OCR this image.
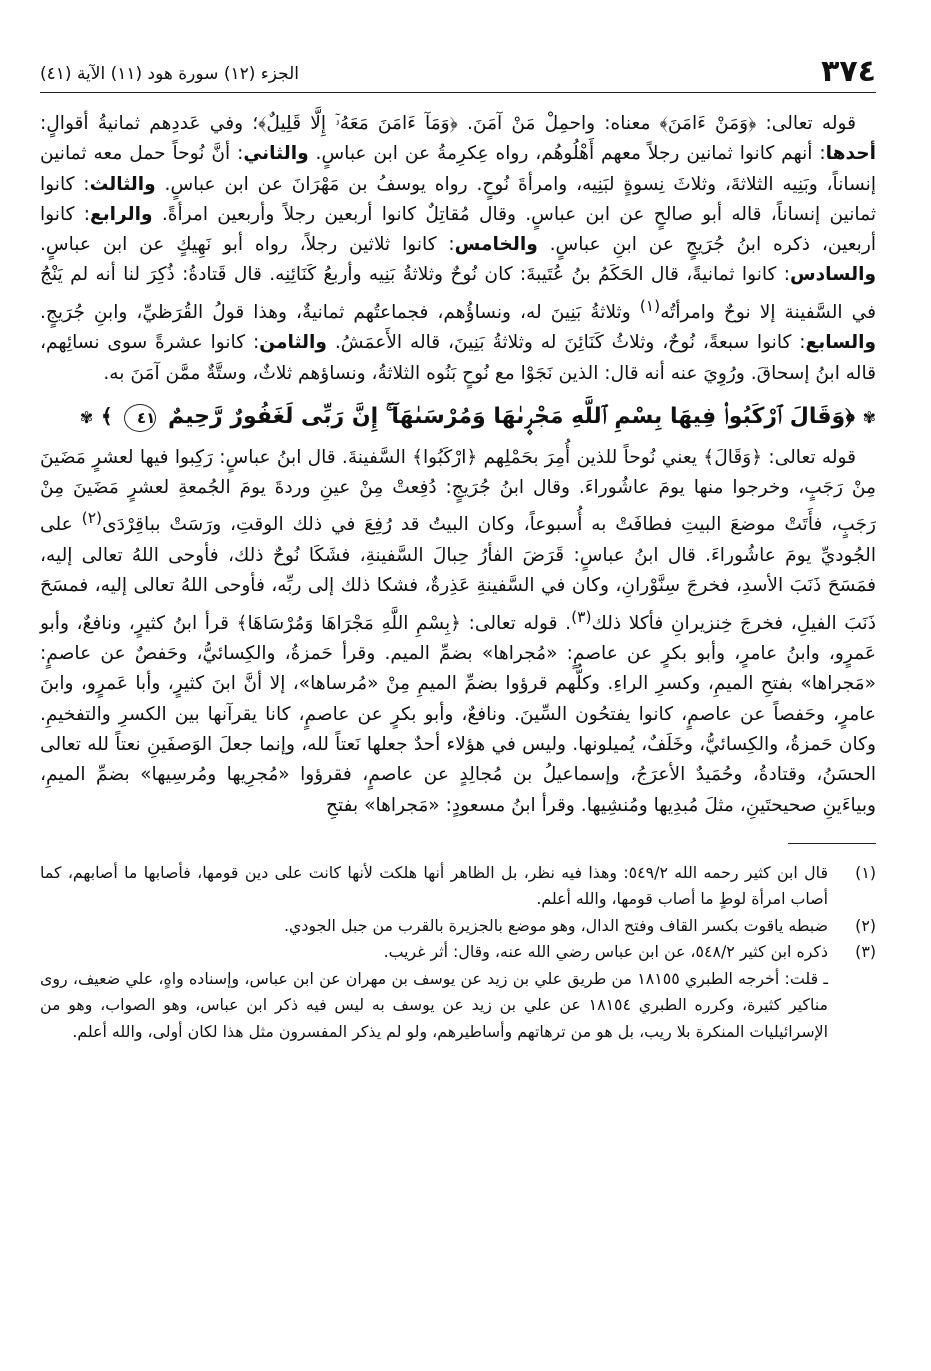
٣٧٤
الجزء (١٢) سورة هود (١١) الآية (٤١)

قوله تعالى: ﴿وَمَنْ ءَامَنَ﴾ معناه: واحمِلْ مَنْ آمَنَ. ﴿وَمَآ ءَامَنَ مَعَهُۥٓ إِلَّا قَلِيلٌ﴾؛ وفي عَددِهم ثمانيةُ أقوالٍ: أحدها: أنهم كانوا ثمانين رجلاً معهم أَهْلُوهُم، رواه عِكرِمةُ عن ابن عباسٍ. والثاني: أنَّ نُوحاً حمل معه ثمانين إنساناً، وبَنِيه الثلاثةَ، وثلاثَ نِسوةٍ لبَنِيه، وامرأةَ نُوحٍ. رواه يوسفُ بن مَهْرَانَ عن ابن عباسٍ. والثالث: كانوا ثمانين إنساناً، قاله أبو صالحٍ عن ابن عباسٍ. وقال مُقاتِلٌ كانوا أربعين رجلاً وأربعين امرأةً. والرابع: كانوا أربعين، ذكره ابنُ جُرَيجٍ عن ابنِ عباسٍ. والخامس: كانوا ثلاثين رجلاً، رواه أبو نَهِيكٍ عن ابن عباسٍ. والسادس: كانوا ثمانيةً، قال الحَكَمُ بنُ عُتَيبةَ: كان نُوحٌ وثلاثةُ بَنِيه وأربعُ كَنَائِنِه. قال قَتادةُ: ذُكِرَ لنا أنه لم يَنْجُ في السَّفينة إلا نوحٌ وامرأتُه$^{(١)}$ وثلاثةُ بَنِينَ له، ونساؤُهم، فجماعتُهم ثمانيةٌ، وهذا قولُ القُرَظيِّ، وابنِ جُرَيجٍ. والسابع: كانوا سبعةً، نُوحٌ، وثلاثُ كَنَائِنَ له وثلاثةُ بَنِينَ، قاله الأَعمَشُ. والثامن: كانوا عشرةً سوى نسائِهم، قاله ابنُ إسحاقَ. ورُوِيَ عنه أنه قال: الذين نَجَوْا مع نُوحٍ بَنُوه الثلاثةُ، ونساؤهم ثلاثٌ، وستَّةٌ ممَّن آمَنَ به.

✾ ﴿وَقَالَ ٱرْكَبُوا۟ فِيهَا بِسْمِ ٱللَّهِ مَجْر۪ىٰهَا وَمُرْسَىٰهَآ ۚ إِنَّ رَبِّى لَغَفُورٌ رَّحِيمٌ ٤١ ﴾ ✾

قوله تعالى: ﴿وَقَالَ﴾ يعني نُوحاً للذين أُمِرَ بحَمْلِهم ﴿ارْكَبُوا﴾ السَّفينةَ. قال ابنُ عباسٍ: رَكِبوا فيها لعشرٍ مَضَينَ مِنْ رَجَبٍ، وخرجوا منها يومَ عاشُوراءَ. وقال ابنُ جُرَيجٍ: دُفِعتْ مِنْ عينِ وردةَ يومَ الجُمعةِ لعشرٍ مَضَينَ مِنْ رَجَبٍ، فأَتَتْ موضعَ البيتِ فطافَتْ به أُسبوعاً، وكان البيتُ قد رُفِعَ في ذلك الوقتِ، ورَسَتْ بباقِرْدَى$^{(٢)}$ على الجُوديِّ يومَ عاشُوراءَ. قال ابنُ عباسٍ: قَرَضَ الفأرُ حِبالَ السَّفينةِ، فشَكَا نُوحٌ ذلك، فأوحى اللهُ تعالى إليه، فمَسَحَ ذَنَبَ الأسدِ، فخرجَ سِنَّوْرانِ، وكان في السَّفينةِ عَذِرةٌ، فشكا ذلك إلى ربِّه، فأوحى اللهُ تعالى إليه، فمسَحَ ذَنَبَ الفيلِ، فخرجَ خِنزيرانِ فأكلا ذلك$^{(٣)}$. قوله تعالى: ﴿بِسْمِ اللَّهِ مَجْرَاهَا وَمُرْسَاهَا﴾ قرأ ابنُ كثيرٍ، ونافعٌ، وأبو عَمرٍو، وابنُ عامرٍ، وأبو بكرٍ عن عاصمٍ: «مُجراها» بضمِّ الميم. وقرأ حَمزةُ، والكِسائيُّ، وحَفصٌ عن عاصمٍ: «مَجراها» بفتحِ الميمِ، وكسرِ الراءِ. وكلُّهم قرؤوا بضمِّ الميمِ مِنْ «مُرساها»، إلا أنَّ ابنَ كثيرٍ، وأبا عَمرٍو، وابنَ عامرٍ، وحَفصاً عن عاصمٍ، كانوا يفتحُون السِّينَ. ونافعٌ، وأبو بكرٍ عن عاصمٍ، كانا يقرآنها بين الكسرِ والتفخيمِ. وكان حَمزةُ، والكِسائيُّ، وخَلَفٌ، يُميلونها. وليس في هؤلاء أحدٌ جعلها نَعتاً لله، وإنما جعلَ الوَصفَينِ نعتاً لله تعالى الحسَنُ، وقتادةُ، وحُمَيدٌ الأعرَجُ، وإسماعيلُ بن مُجالِدٍ عن عاصمٍ، فقرؤوا «مُجرِيها ومُرسِيها» بضمِّ الميمِ، وبياءَينِ صحيحتَينِ، مثلَ مُبدِيها ومُنشِيها. وقرأ ابنُ مسعودٍ: «مَجراها» بفتحِ

(١)

قال ابن كثير رحمه الله ٥٤٩/٢: وهذا فيه نظر، بل الظاهر أنها هلكت لأنها كانت على دين قومها، فأصابها ما أصابهم، كما أصاب امرأة لوطٍ ما أصاب قومها، والله أعلم.

(٢)

ضبطه ياقوت بكسر القاف وفتح الدال، وهو موضع بالجزيرة بالقرب من جبل الجودي.

(٣)

ذكره ابن كثير ٥٤٨/٢، عن ابن عباس رضي الله عنه، وقال: أثر غريب.

ـ قلت: أخرجه الطبري ١٨١٥٥ من طريق علي بن زيد عن يوسف بن مهران عن ابن عباس، وإسناده واهٍ، علي ضعيف، روى مناكير كثيرة، وكرره الطبري ١٨١٥٤ عن علي بن زيد عن يوسف به ليس فيه ذكر ابن عباس، وهو الصواب، وهو من الإسرائيليات المنكرة بلا ريب، بل هو من ترهاتهم وأساطيرهم، ولو لم يذكر المفسرون مثل هذا لكان أولى، والله أعلم.
